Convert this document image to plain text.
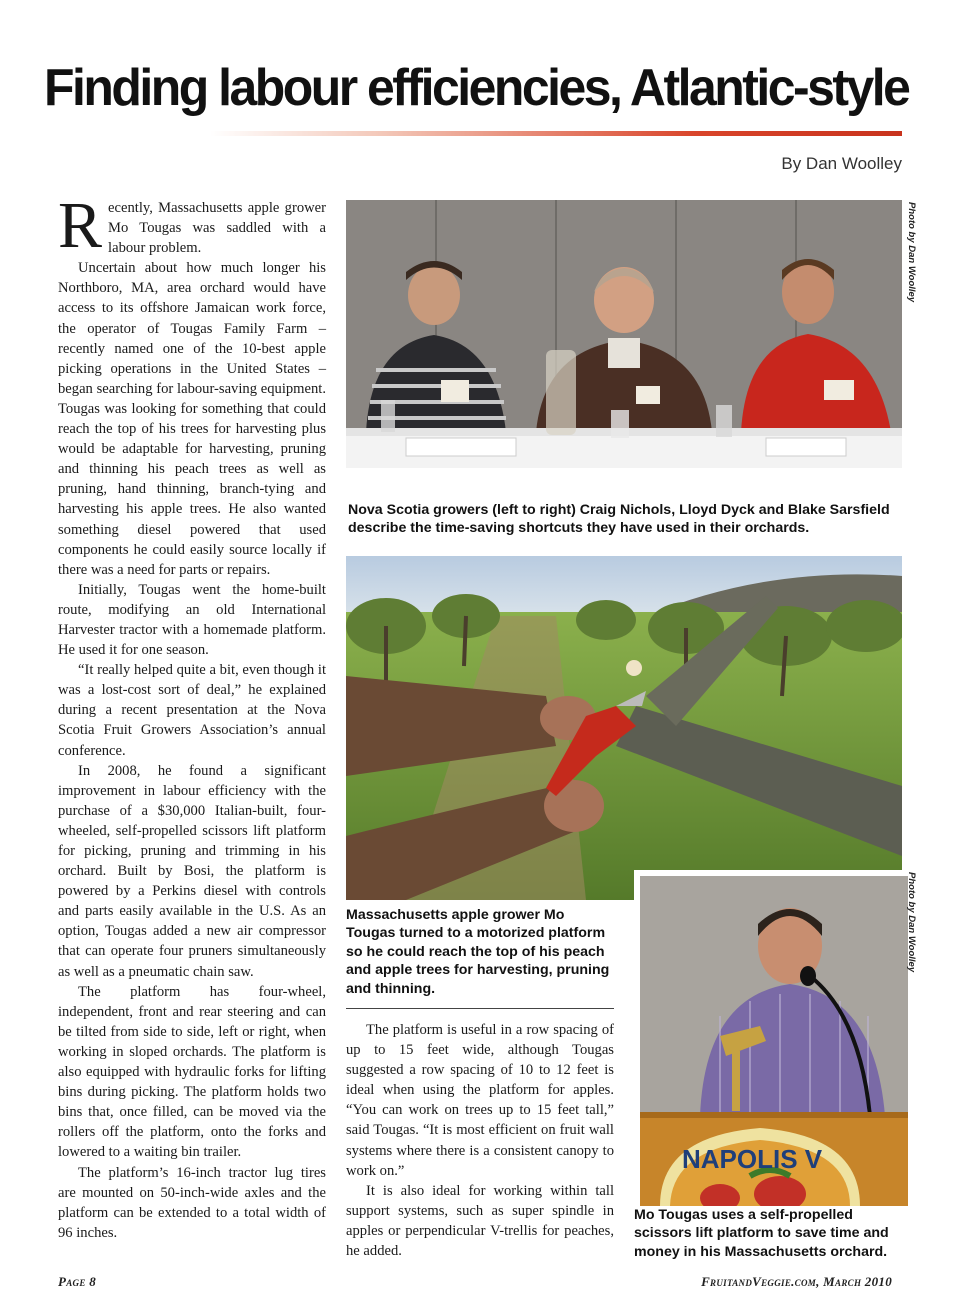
Finding labour efficiencies, Atlantic-style
By Dan Woolley

Recently, Massachusetts apple grower Mo Tougas was saddled with a labour problem.

Uncertain about how much longer his Northboro, MA, area orchard would have access to its offshore Jamaican work force, the operator of Tougas Family Farm – recently named one of the 10-best apple picking operations in the United States – began searching for labour-saving equipment. Tougas was looking for something that could reach the top of his trees for harvesting plus would be adaptable for harvesting, pruning and thinning his peach trees as well as pruning, hand thinning, branch-tying and harvesting his apple trees. He also wanted something diesel powered that used components he could easily source locally if there was a need for parts or repairs.

Initially, Tougas went the home-built route, modifying an old International Harvester tractor with a homemade platform. He used it for one season.

“It really helped quite a bit, even though it was a lost-cost sort of deal,” he explained during a recent presentation at the Nova Scotia Fruit Growers Association’s annual conference.

In 2008, he found a significant improvement in labour efficiency with the purchase of a $30,000 Italian-built, four-wheeled, self-propelled scissors lift platform for picking, pruning and trimming in his orchard. Built by Bosi, the platform is powered by a Perkins diesel with controls and parts easily available in the U.S. As an option, Tougas added a new air compressor that can operate four pruners simultaneously as well as a pneumatic chain saw.

The platform has four-wheel, independent, front and rear steering and can be tilted from side to side, left or right, when working in sloped orchards. The platform is also equipped with hydraulic forks for lifting bins during picking. The platform holds two bins that, once filled, can be moved via the rollers off the platform, onto the forks and lowered to a waiting bin trailer.

The platform’s 16-inch tractor lug tires are mounted on 50-inch-wide axles and the platform can be extended to a total width of 96 inches.

Photo by Dan Woolley
Nova Scotia growers (left to right) Craig Nichols, Lloyd Dyck and Blake Sarsfield describe the time-saving shortcuts they have used in their orchards.
Massachusetts apple grower Mo Tougas turned to a motorized platform so he could reach the top of his peach and apple trees for harvesting, pruning and thinning.
NAPOLIS V
Photo by Dan Woolley
Mo Tougas uses a self-propelled scissors lift platform to save time and money in his Massachusetts orchard.

The platform is useful in a row spacing of up to 15 feet wide, although Tougas suggested a row spacing of 10 to 12 feet is ideal when using the platform for apples. “You can work on trees up to 15 feet tall,” said Tougas. “It is most efficient on fruit wall systems where there is a consistent canopy to work on.”

It is also ideal for working within tall support systems, such as super spindle in apples or perpendicular V-trellis for peaches, he added.

Page 8	FruitandVeggie.com, March 2010
